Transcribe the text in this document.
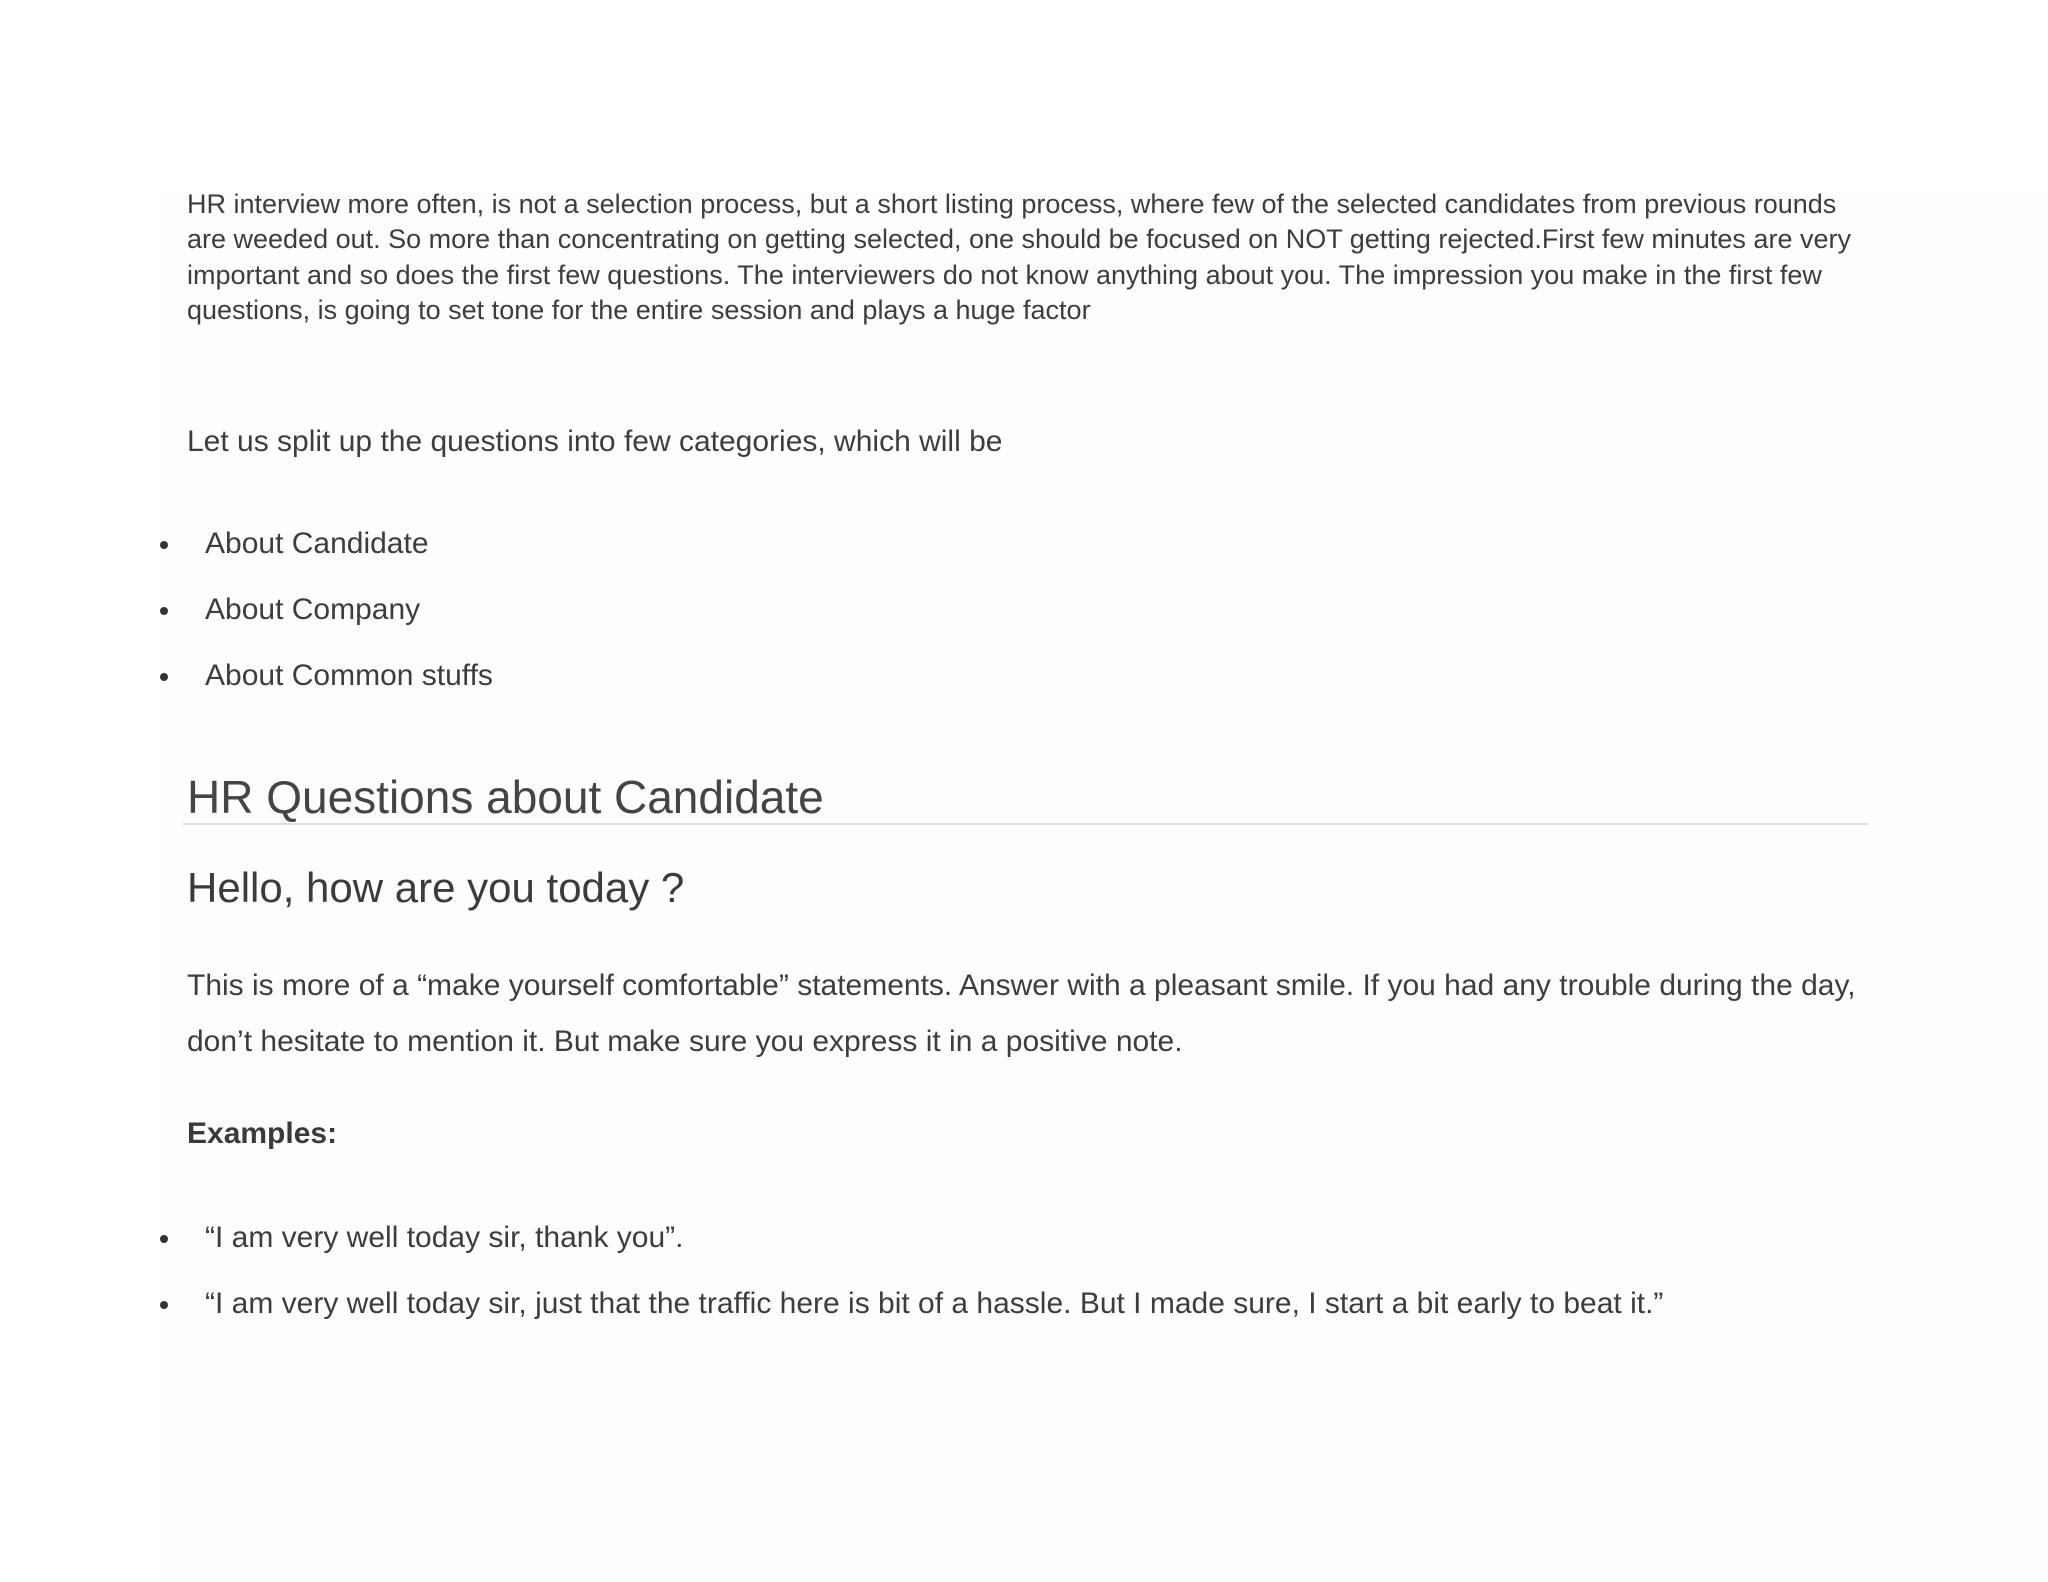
HR interview more often, is not a selection process, but a short listing process, where few of the selected candidates from previous rounds are weeded out. So more than concentrating on getting selected, one should be focused on NOT getting rejected.First few minutes are very important and so does the first few questions. The interviewers do not know anything about you. The impression you make in the first few questions, is going to set tone for the entire session and plays a huge factor

Let us split up the questions into few categories, which will be

About Candidate
About Company
About Common stuffs
HR Questions about Candidate
Hello, how are you today ?

This is more of a “make yourself comfortable” statements. Answer with a pleasant smile. If you had any trouble during the day, don’t hesitate to mention it. But make sure you express it in a positive note.

Examples:

“I am very well today sir, thank you”.
“I am very well today sir, just that the traffic here is bit of a hassle. But I made sure, I start a bit early to beat it.”
